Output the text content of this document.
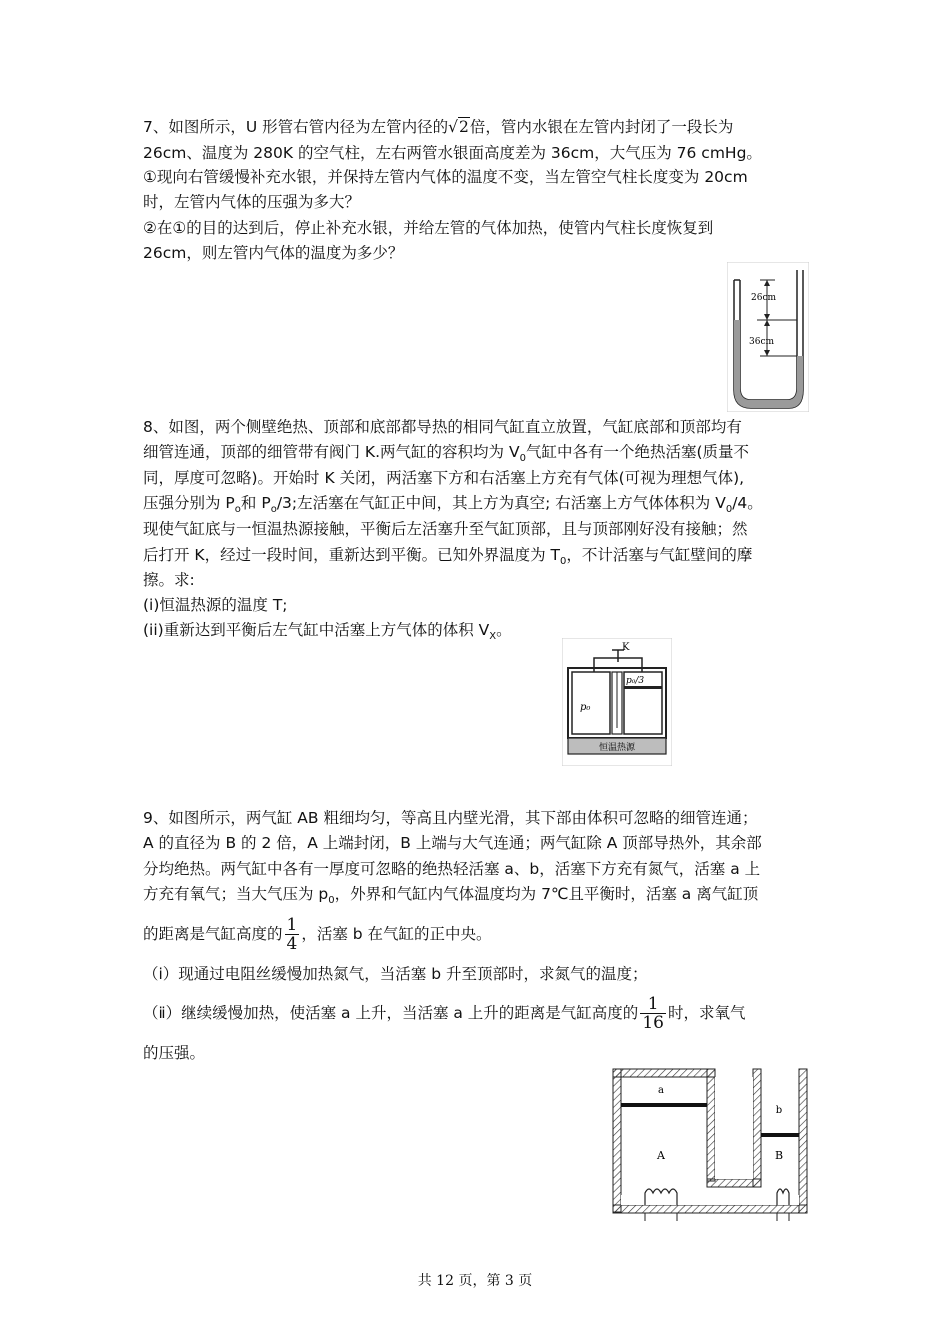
7、如图所示，U 形管右管内径为左管内径的√2倍，管内水银在左管内封闭了一段长为
26cm、温度为 280K 的空气柱，左右两管水银面高度差为 36cm，大气压为 76 cmHg。
①现向右管缓慢补充水银，并保持左管内气体的温度不变，当左管空气柱长度变为 20cm
时，左管内气体的压强为多大？
②在①的目的达到后，停止补充水银，并给左管的气体加热，使管内气柱长度恢复到
26cm，则左管内气体的温度为多少？
26cm
36cm
8、如图，两个侧壁绝热、顶部和底部都导热的相同气缸直立放置，气缸底部和顶部均有
细管连通，顶部的细管带有阀门 K.两气缸的容积均为 $V_0$气缸中各有一个绝热活塞(质量不
同，厚度可忽略)。开始时 K 关闭，两活塞下方和右活塞上方充有气体(可视为理想气体),
压强分别为 $P_o$和 $P_o/3$;左活塞在气缸正中间，其上方为真空; 右活塞上方气体体积为 $V_0/4$。
现使气缸底与一恒温热源接触，平衡后左活塞升至气缸顶部，且与顶部刚好没有接触；然
后打开 K，经过一段时间，重新达到平衡。已知外界温度为 $T_0$，不计活塞与气缸壁间的摩
擦。求:
(i)恒温热源的温度 T;
(ii)重新达到平衡后左气缸中活塞上方气体的体积 $V_X$。
K
p₀/3
p₀
恒温热源
9、如图所示，两气缸 AB 粗细均匀，等高且内壁光滑，其下部由体积可忽略的细管连通；
A 的直径为 B 的 2 倍，A 上端封闭，B 上端与大气连通；两气缸除 A 顶部导热外，其余部
分均绝热。两气缸中各有一厚度可忽略的绝热轻活塞 a、b，活塞下方充有氮气，活塞 a 上
方充有氧气；当大气压为 $p_0$，外界和气缸内气体温度均为 7℃且平衡时，活塞 a 离气缸顶
的距离是气缸高度的 $\frac{1}{4}$ ，活塞 b 在气缸的正中央。
（ⅰ）现通过电阻丝缓慢加热氮气，当活塞 b 升至顶部时，求氮气的温度；
（ⅱ）继续缓慢加热，使活塞 a 上升，当活塞 a 上升的距离是气缸高度的 $\frac{1}{16}$ 时，求氧气
的压强。
a
A
b
B
共 12 页，第 3 页
